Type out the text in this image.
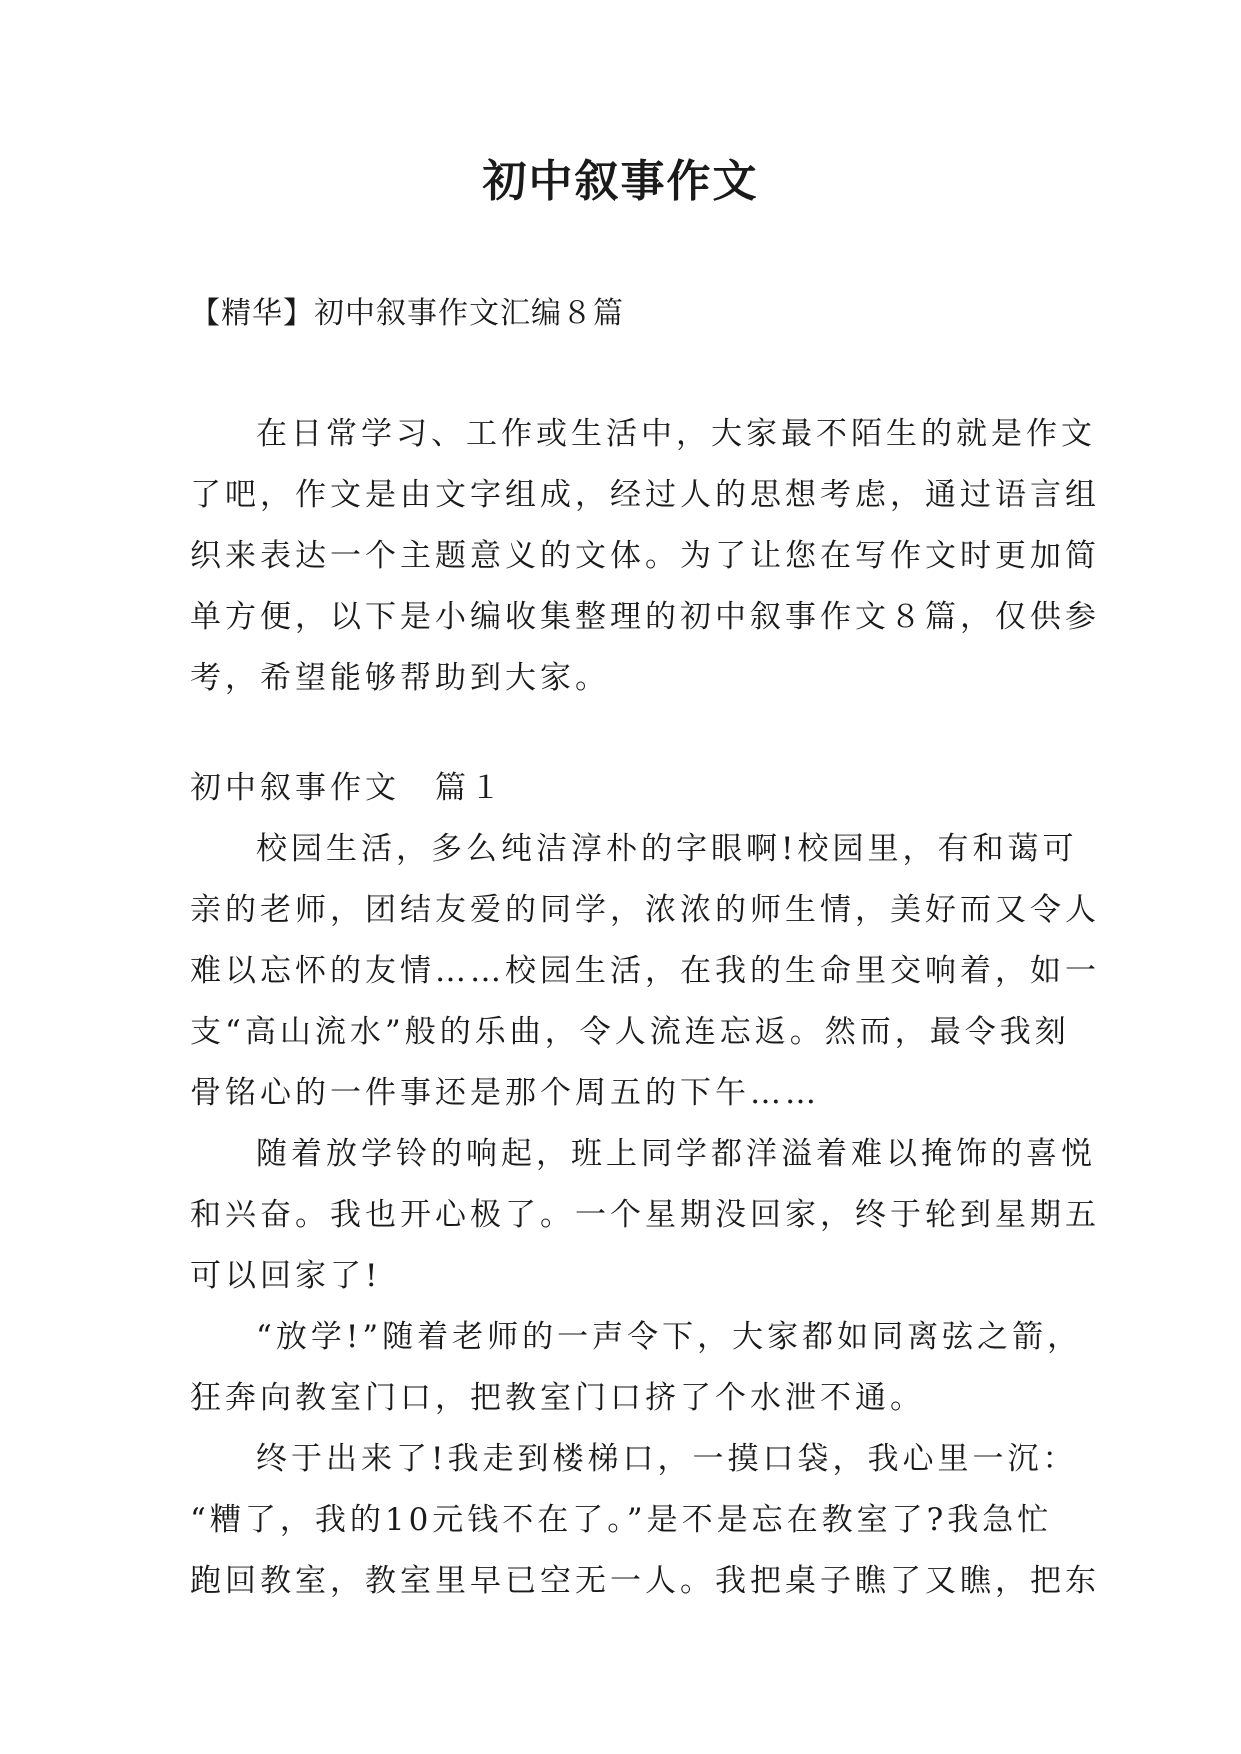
初中叙事作文
【精华】初中叙事作文汇编８篇
在日常学习、工作或生活中，大家最不陌生的就是作文
了吧，作文是由文字组成，经过人的思想考虑，通过语言组
织来表达一个主题意义的文体。为了让您在写作文时更加简
单方便，以下是小编收集整理的初中叙事作文８篇，仅供参
考，希望能够帮助到大家。
初中叙事作文　篇１
校园生活，多么纯洁淳朴的字眼啊!校园里，有和蔼可
亲的老师，团结友爱的同学，浓浓的师生情，美好而又令人
难以忘怀的友情……校园生活，在我的生命里交响着，如一
支“高山流水”般的乐曲，令人流连忘返。然而，最令我刻
骨铭心的一件事还是那个周五的下午……
随着放学铃的响起，班上同学都洋溢着难以掩饰的喜悦
和兴奋。我也开心极了。一个星期没回家，终于轮到星期五
可以回家了!
“放学!”随着老师的一声令下，大家都如同离弦之箭，
狂奔向教室门口，把教室门口挤了个水泄不通。
终于出来了!我走到楼梯口，一摸口袋，我心里一沉：
“糟了，我的10元钱不在了。”是不是忘在教室了?我急忙
跑回教室，教室里早已空无一人。我把桌子瞧了又瞧，把东
